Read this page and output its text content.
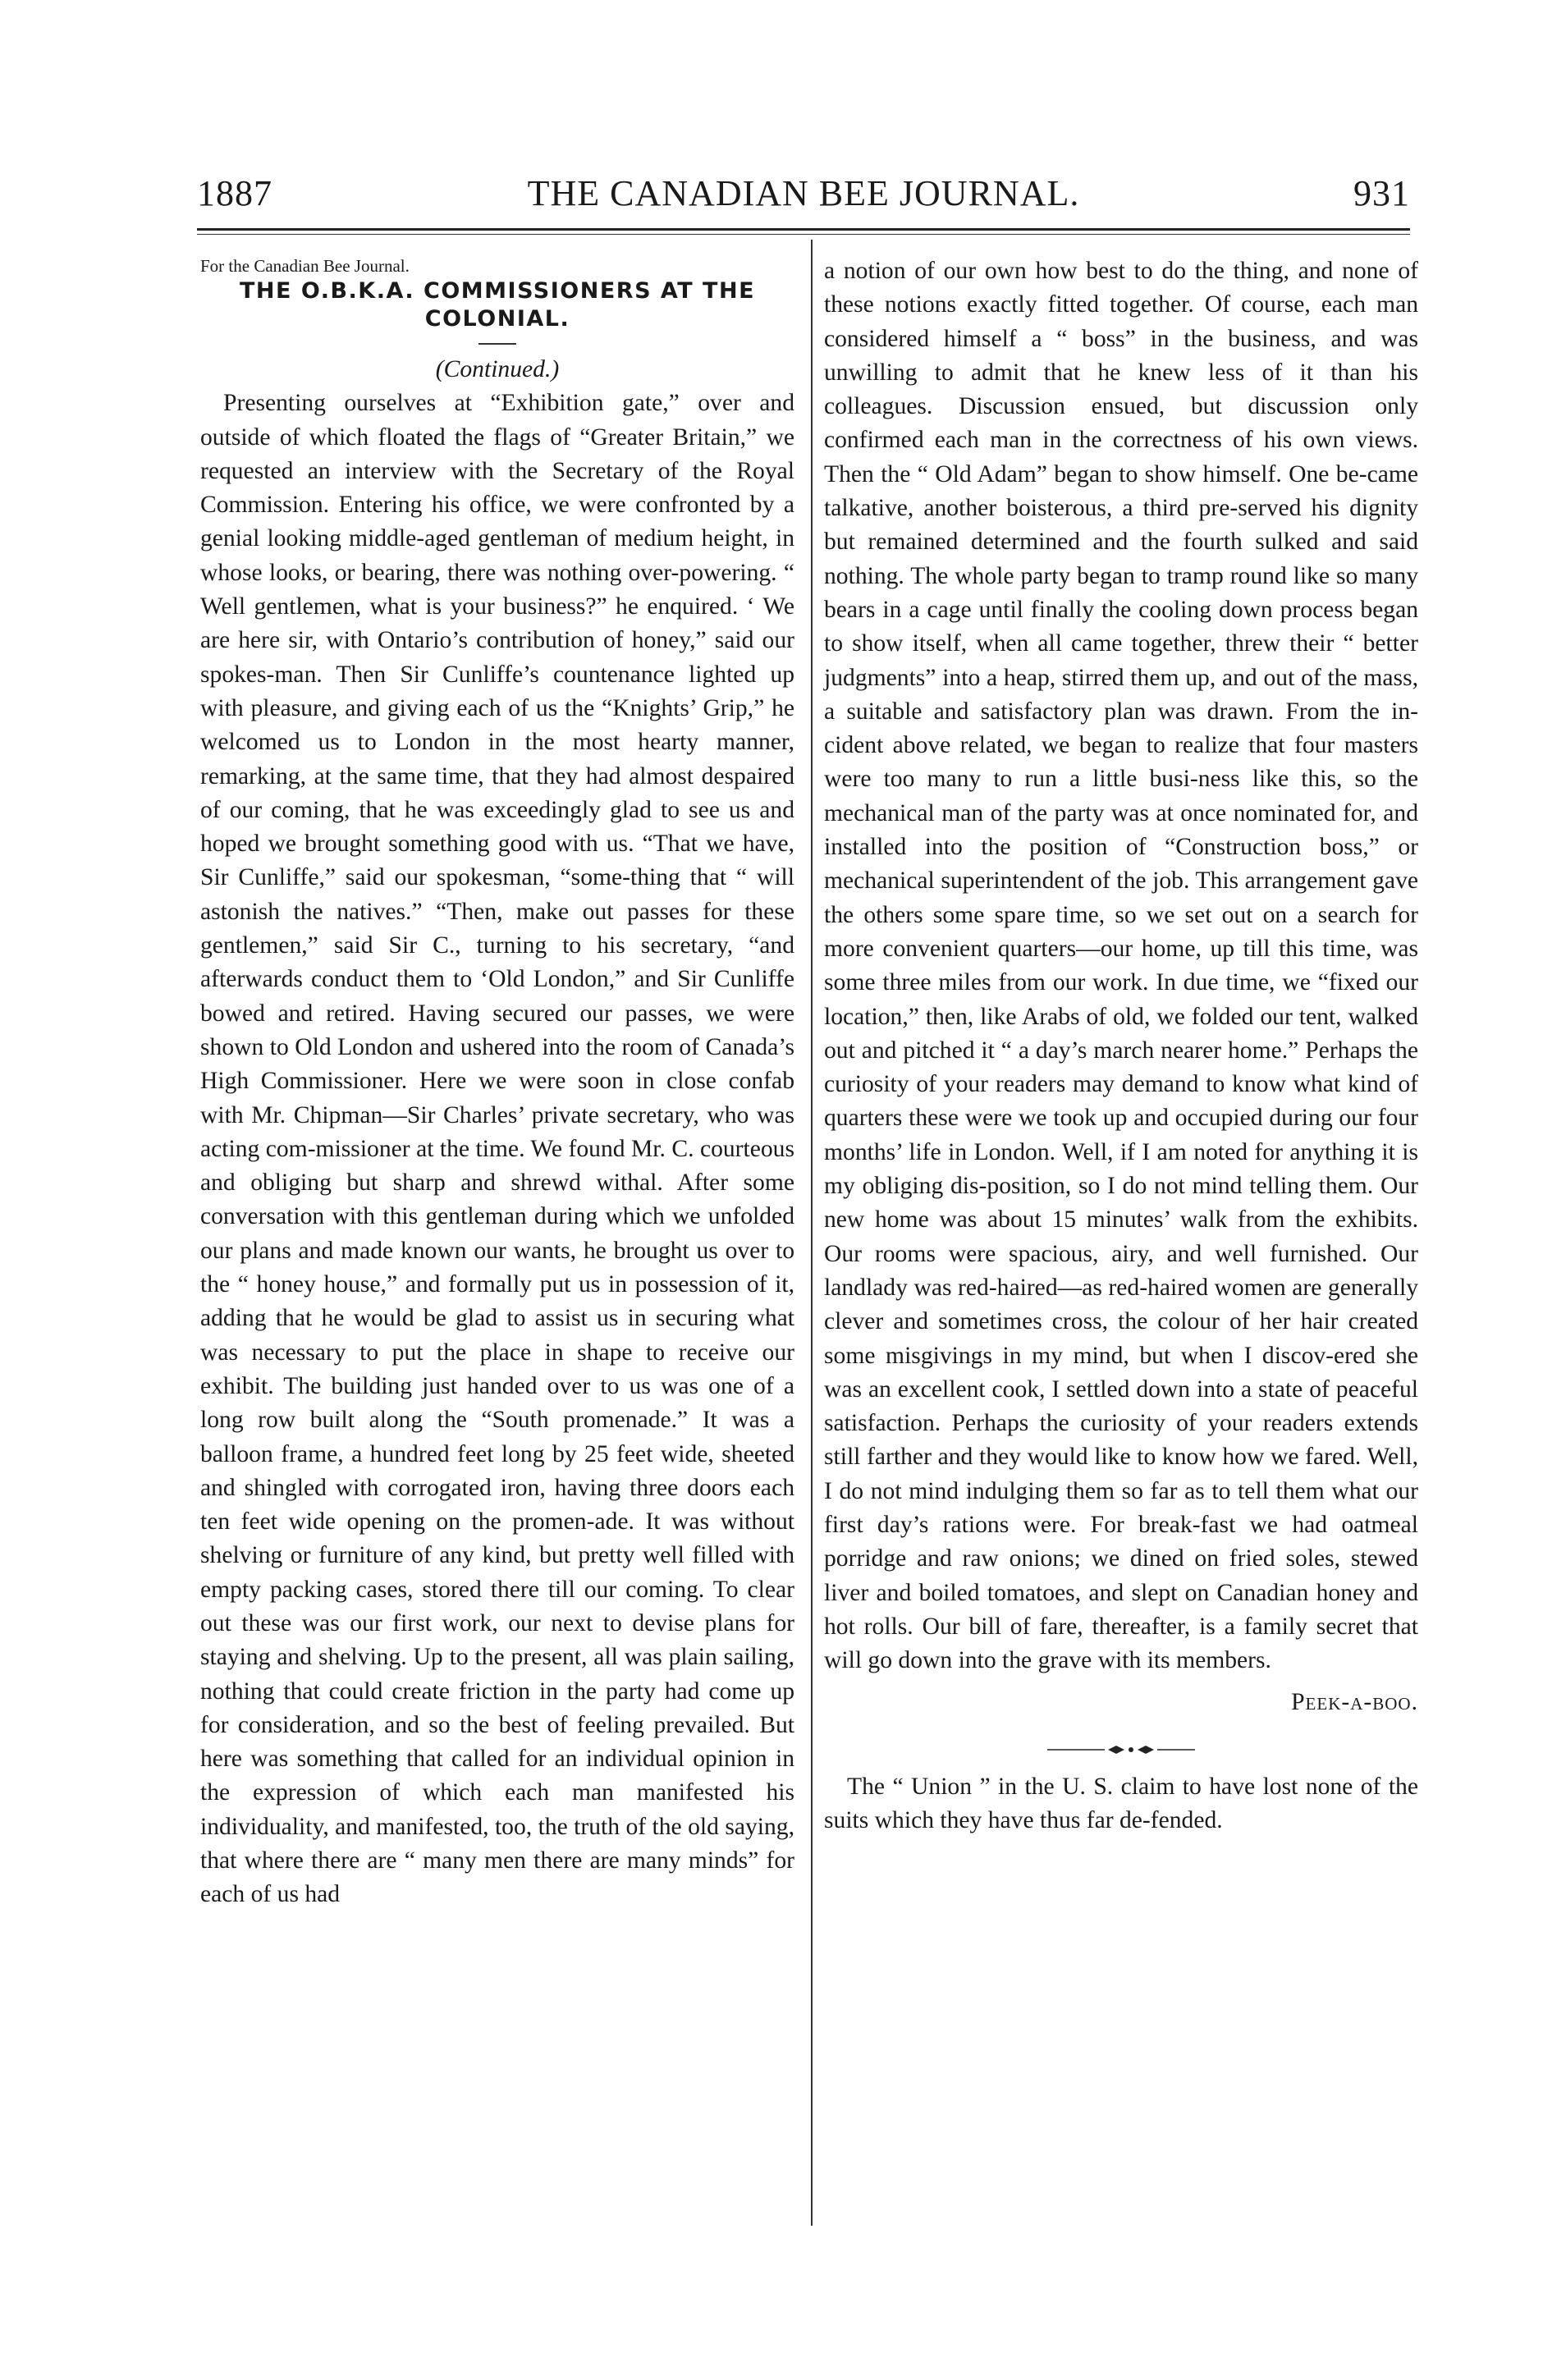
1887	THE CANADIAN BEE JOURNAL.	931

For the Canadian Bee Journal.

THE O.B.K.A. COMMISSIONERS AT THE COLONIAL.

(Continued.)

Presenting ourselves at “Exhibition gate,” over and outside of which floated the flags of “Greater Britain,” we requested an interview with the Secretary of the Royal Commission. Entering his office, we were confronted by a genial looking middle-aged gentleman of medium height, in whose looks, or bearing, there was nothing over-powering. “ Well gentlemen, what is your business?” he enquired. ‘ We are here sir, with Ontario’s contribution of honey,” said our spokes-man. Then Sir Cunliffe’s countenance lighted up with pleasure, and giving each of us the “Knights’ Grip,” he welcomed us to London in the most hearty manner, remarking, at the same time, that they had almost despaired of our coming, that he was exceedingly glad to see us and hoped we brought something good with us. “That we have, Sir Cunliffe,” said our spokesman, “some-thing that “ will astonish the natives.” “Then, make out passes for these gentlemen,” said Sir C., turning to his secretary, “and afterwards conduct them to ‘Old London,” and Sir Cunliffe bowed and retired. Having secured our passes, we were shown to Old London and ushered into the room of Canada’s High Commissioner. Here we were soon in close confab with Mr. Chipman—Sir Charles’ private secretary, who was acting com-missioner at the time. We found Mr. C. courteous and obliging but sharp and shrewd withal. After some conversation with this gentleman during which we unfolded our plans and made known our wants, he brought us over to the “ honey house,” and formally put us in possession of it, adding that he would be glad to assist us in securing what was necessary to put the place in shape to receive our exhibit. The building just handed over to us was one of a long row built along the “South promenade.” It was a balloon frame, a hundred feet long by 25 feet wide, sheeted and shingled with corrogated iron, having three doors each ten feet wide opening on the promen-ade. It was without shelving or furniture of any kind, but pretty well filled with empty packing cases, stored there till our coming. To clear out these was our first work, our next to devise plans for staying and shelving. Up to the present, all was plain sailing, nothing that could create friction in the party had come up for consideration, and so the best of feeling prevailed. But here was something that called for an individual opinion in the expression of which each man manifested his individuality, and manifested, too, the truth of the old saying, that where there are “ many men there are many minds” for each of us had

a notion of our own how best to do the thing, and none of these notions exactly fitted together. Of course, each man considered himself a “ boss” in the business, and was unwilling to admit that he knew less of it than his colleagues. Discussion ensued, but discussion only confirmed each man in the correctness of his own views. Then the “ Old Adam” began to show himself. One be-came talkative, another boisterous, a third pre-served his dignity but remained determined and the fourth sulked and said nothing. The whole party began to tramp round like so many bears in a cage until finally the cooling down process began to show itself, when all came together, threw their “ better judgments” into a heap, stirred them up, and out of the mass, a suitable and satisfactory plan was drawn. From the in-cident above related, we began to realize that four masters were too many to run a little busi-ness like this, so the mechanical man of the party was at once nominated for, and installed into the position of “Construction boss,” or mechanical superintendent of the job. This arrangement gave the others some spare time, so we set out on a search for more convenient quarters—our home, up till this time, was some three miles from our work. In due time, we “fixed our location,” then, like Arabs of old, we folded our tent, walked out and pitched it “ a day’s march nearer home.” Perhaps the curiosity of your readers may demand to know what kind of quarters these were we took up and occupied during our four months’ life in London. Well, if I am noted for anything it is my obliging dis-position, so I do not mind telling them. Our new home was about 15 minutes’ walk from the exhibits. Our rooms were spacious, airy, and well furnished. Our landlady was red-haired—as red-haired women are generally clever and sometimes cross, the colour of her hair created some misgivings in my mind, but when I discov-ered she was an excellent cook, I settled down into a state of peaceful satisfaction. Perhaps the curiosity of your readers extends still farther and they would like to know how we fared. Well, I do not mind indulging them so far as to tell them what our first day’s rations were. For break-fast we had oatmeal porridge and raw onions; we dined on fried soles, stewed liver and boiled tomatoes, and slept on Canadian honey and hot rolls. Our bill of fare, thereafter, is a family secret that will go down into the grave with its members.

Peek-a-boo.

The “ Union ” in the U. S. claim to have lost none of the suits which they have thus far de-fended.
